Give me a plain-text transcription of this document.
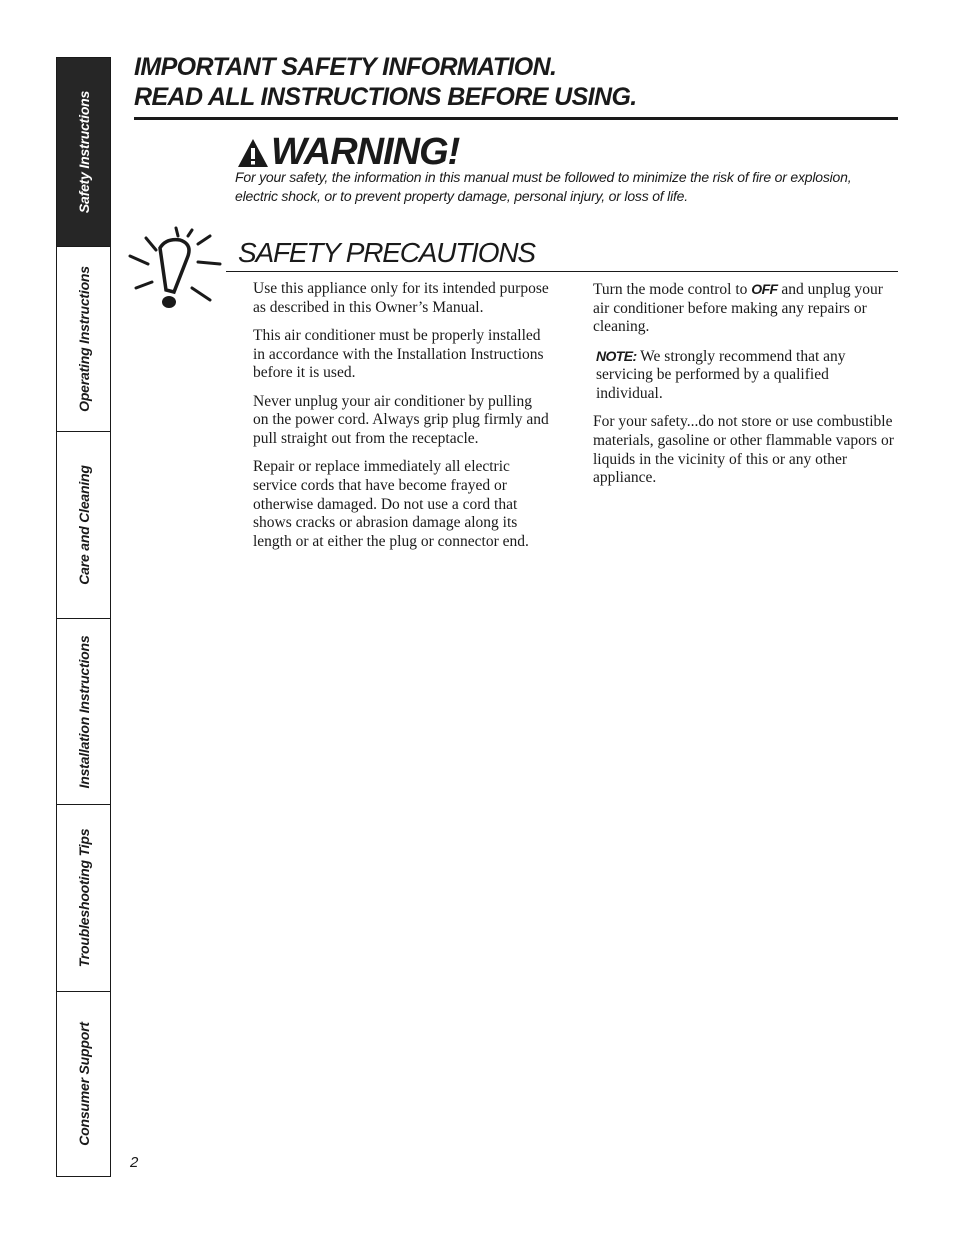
Safety Instructions
Operating Instructions
Care and Cleaning
Installation Instructions
Troubleshooting Tips
Consumer Support
IMPORTANT SAFETY INFORMATION.
READ ALL INSTRUCTIONS BEFORE USING.
WARNING!
For your safety, the information in this manual must be followed to minimize the risk of fire or explosion, electric shock, or to prevent property damage, personal injury, or loss of life.
SAFETY PRECAUTIONS

Use this appliance only for its intended purpose as described in this Owner’s Manual.

This air conditioner must be properly installed in accordance with the Installation Instructions before it is used.

Never unplug your air conditioner by pulling on the power cord. Always grip plug firmly and pull straight out from the receptacle.

Repair or replace immediately all electric service cords that have become frayed or otherwise damaged. Do not use a cord that shows cracks or abrasion damage along its length or at either the plug or connector end.

Turn the mode control to OFF and unplug your air conditioner before making any repairs or cleaning.

NOTE: We strongly recommend that any servicing be performed by a qualified individual.

For your safety...do not store or use combustible materials, gasoline or other flammable vapors or liquids in the vicinity of this or any other appliance.

2
